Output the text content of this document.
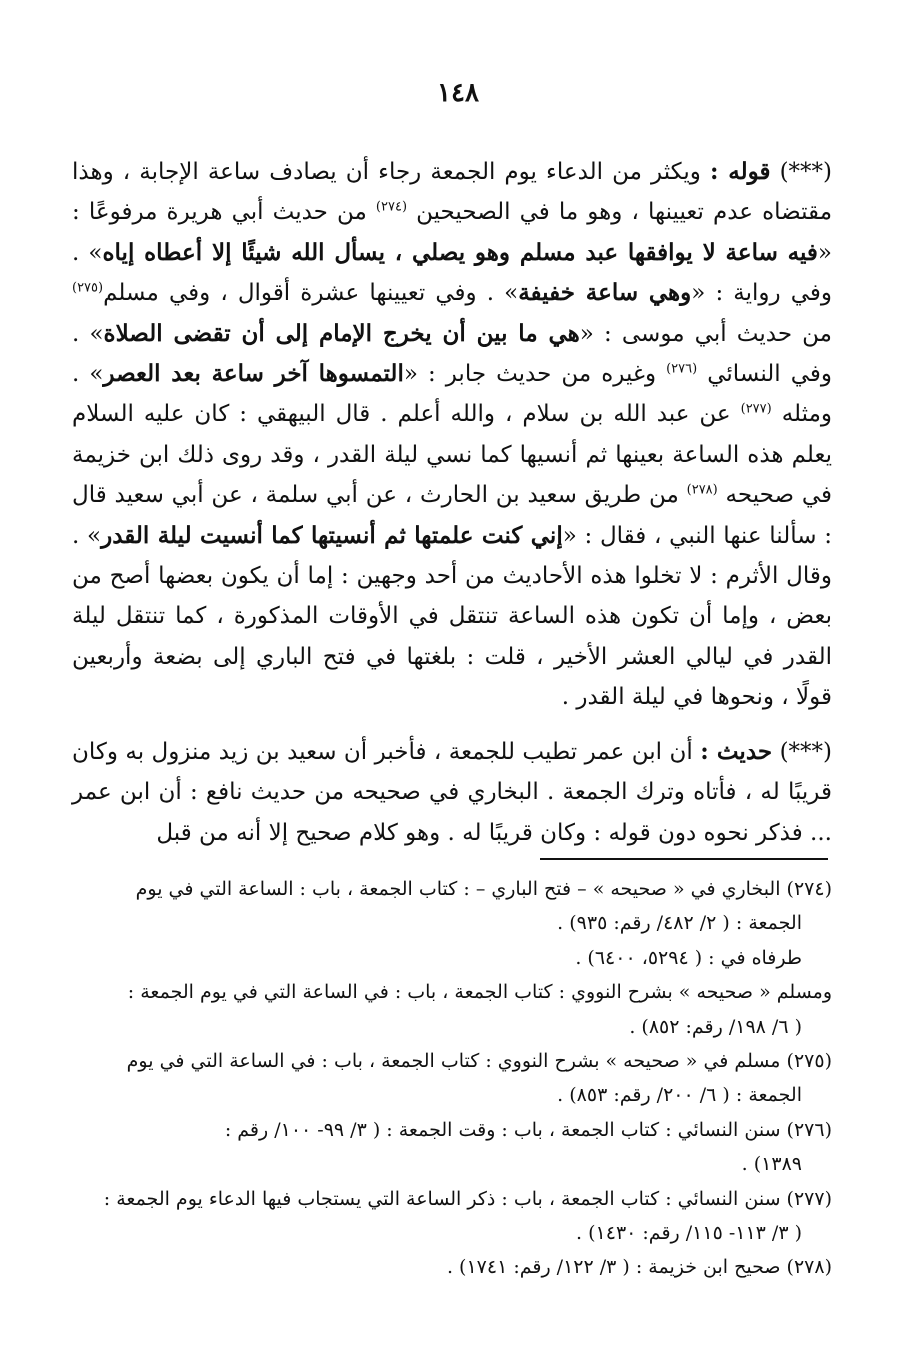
١٤٨

(***) قوله : ويكثر من الدعاء يوم الجمعة رجاء أن يصادف ساعة الإجابة ، وهذا مقتضاه عدم تعيينها ، وهو ما في الصحيحين $^{(٢٧٤)}$ من حديث أبي هريرة مرفوعًا : «فيه ساعة لا يوافقها عبد مسلم وهو يصلي ، يسأل الله شيئًا إلا أعطاه إياه» . وفي رواية : «وهي ساعة خفيفة» . وفي تعيينها عشرة أقوال ، وفي مسلم$^{(٢٧٥)}$ من حديث أبي موسى : «هي ما بين أن يخرج الإمام إلى أن تقضى الصلاة» . وفي النسائي $^{(٢٧٦)}$ وغيره من حديث جابر : «التمسوها آخر ساعة بعد العصر» . ومثله $^{(٢٧٧)}$ عن عبد الله بن سلام ، والله أعلم . قال البيهقي : كان عليه السلام يعلم هذه الساعة بعينها ثم أنسيها كما نسي ليلة القدر ، وقد روى ذلك ابن خزيمة في صحيحه $^{(٢٧٨)}$ من طريق سعيد بن الحارث ، عن أبي سلمة ، عن أبي سعيد قال : سألنا عنها النبي ، فقال : «إني كنت علمتها ثم أنسيتها كما أنسيت ليلة القدر» . وقال الأثرم : لا تخلوا هذه الأحاديث من أحد وجهين : إما أن يكون بعضها أصح من بعض ، وإما أن تكون هذه الساعة تنتقل في الأوقات المذكورة ، كما تنتقل ليلة القدر في ليالي العشر الأخير ، قلت : بلغتها في فتح الباري إلى بضعة وأربعين قولًا ، ونحوها في ليلة القدر .

(***) حديث : أن ابن عمر تطيب للجمعة ، فأخبر أن سعيد بن زيد منزول به وكان قريبًا له ، فأتاه وترك الجمعة . البخاري في صحيحه من حديث نافع : أن ابن عمر ... فذكر نحوه دون قوله : وكان قريبًا له . وهو كلام صحيح إلا أنه من قبل

(٢٧٤) البخاري في « صحيحه » – فتح الباري – : كتاب الجمعة ، باب : الساعة التي في يوم
الجمعة : ( ٢/ ٤٨٢/ رقم: ٩٣٥) .
طرفاه في : ( ٥٢٩٤، ٦٤٠٠) .
ومسلم « صحيحه » بشرح النووي : كتاب الجمعة ، باب : في الساعة التي في يوم الجمعة :
( ٦/ ١٩٨/ رقم: ٨٥٢) .
(٢٧٥) مسلم في « صحيحه » بشرح النووي : كتاب الجمعة ، باب : في الساعة التي في يوم
الجمعة : ( ٦/ ٢٠٠/ رقم: ٨٥٣) .
(٢٧٦) سنن النسائي : كتاب الجمعة ، باب : وقت الجمعة : ( ٣/ ٩٩- ١٠٠/ رقم :
١٣٨٩) .
(٢٧٧) سنن النسائي : كتاب الجمعة ، باب : ذكر الساعة التي يستجاب فيها الدعاء يوم الجمعة :
( ٣/ ١١٣- ١١٥/ رقم: ١٤٣٠) .
(٢٧٨) صحيح ابن خزيمة : ( ٣/ ١٢٢/ رقم: ١٧٤١) .
